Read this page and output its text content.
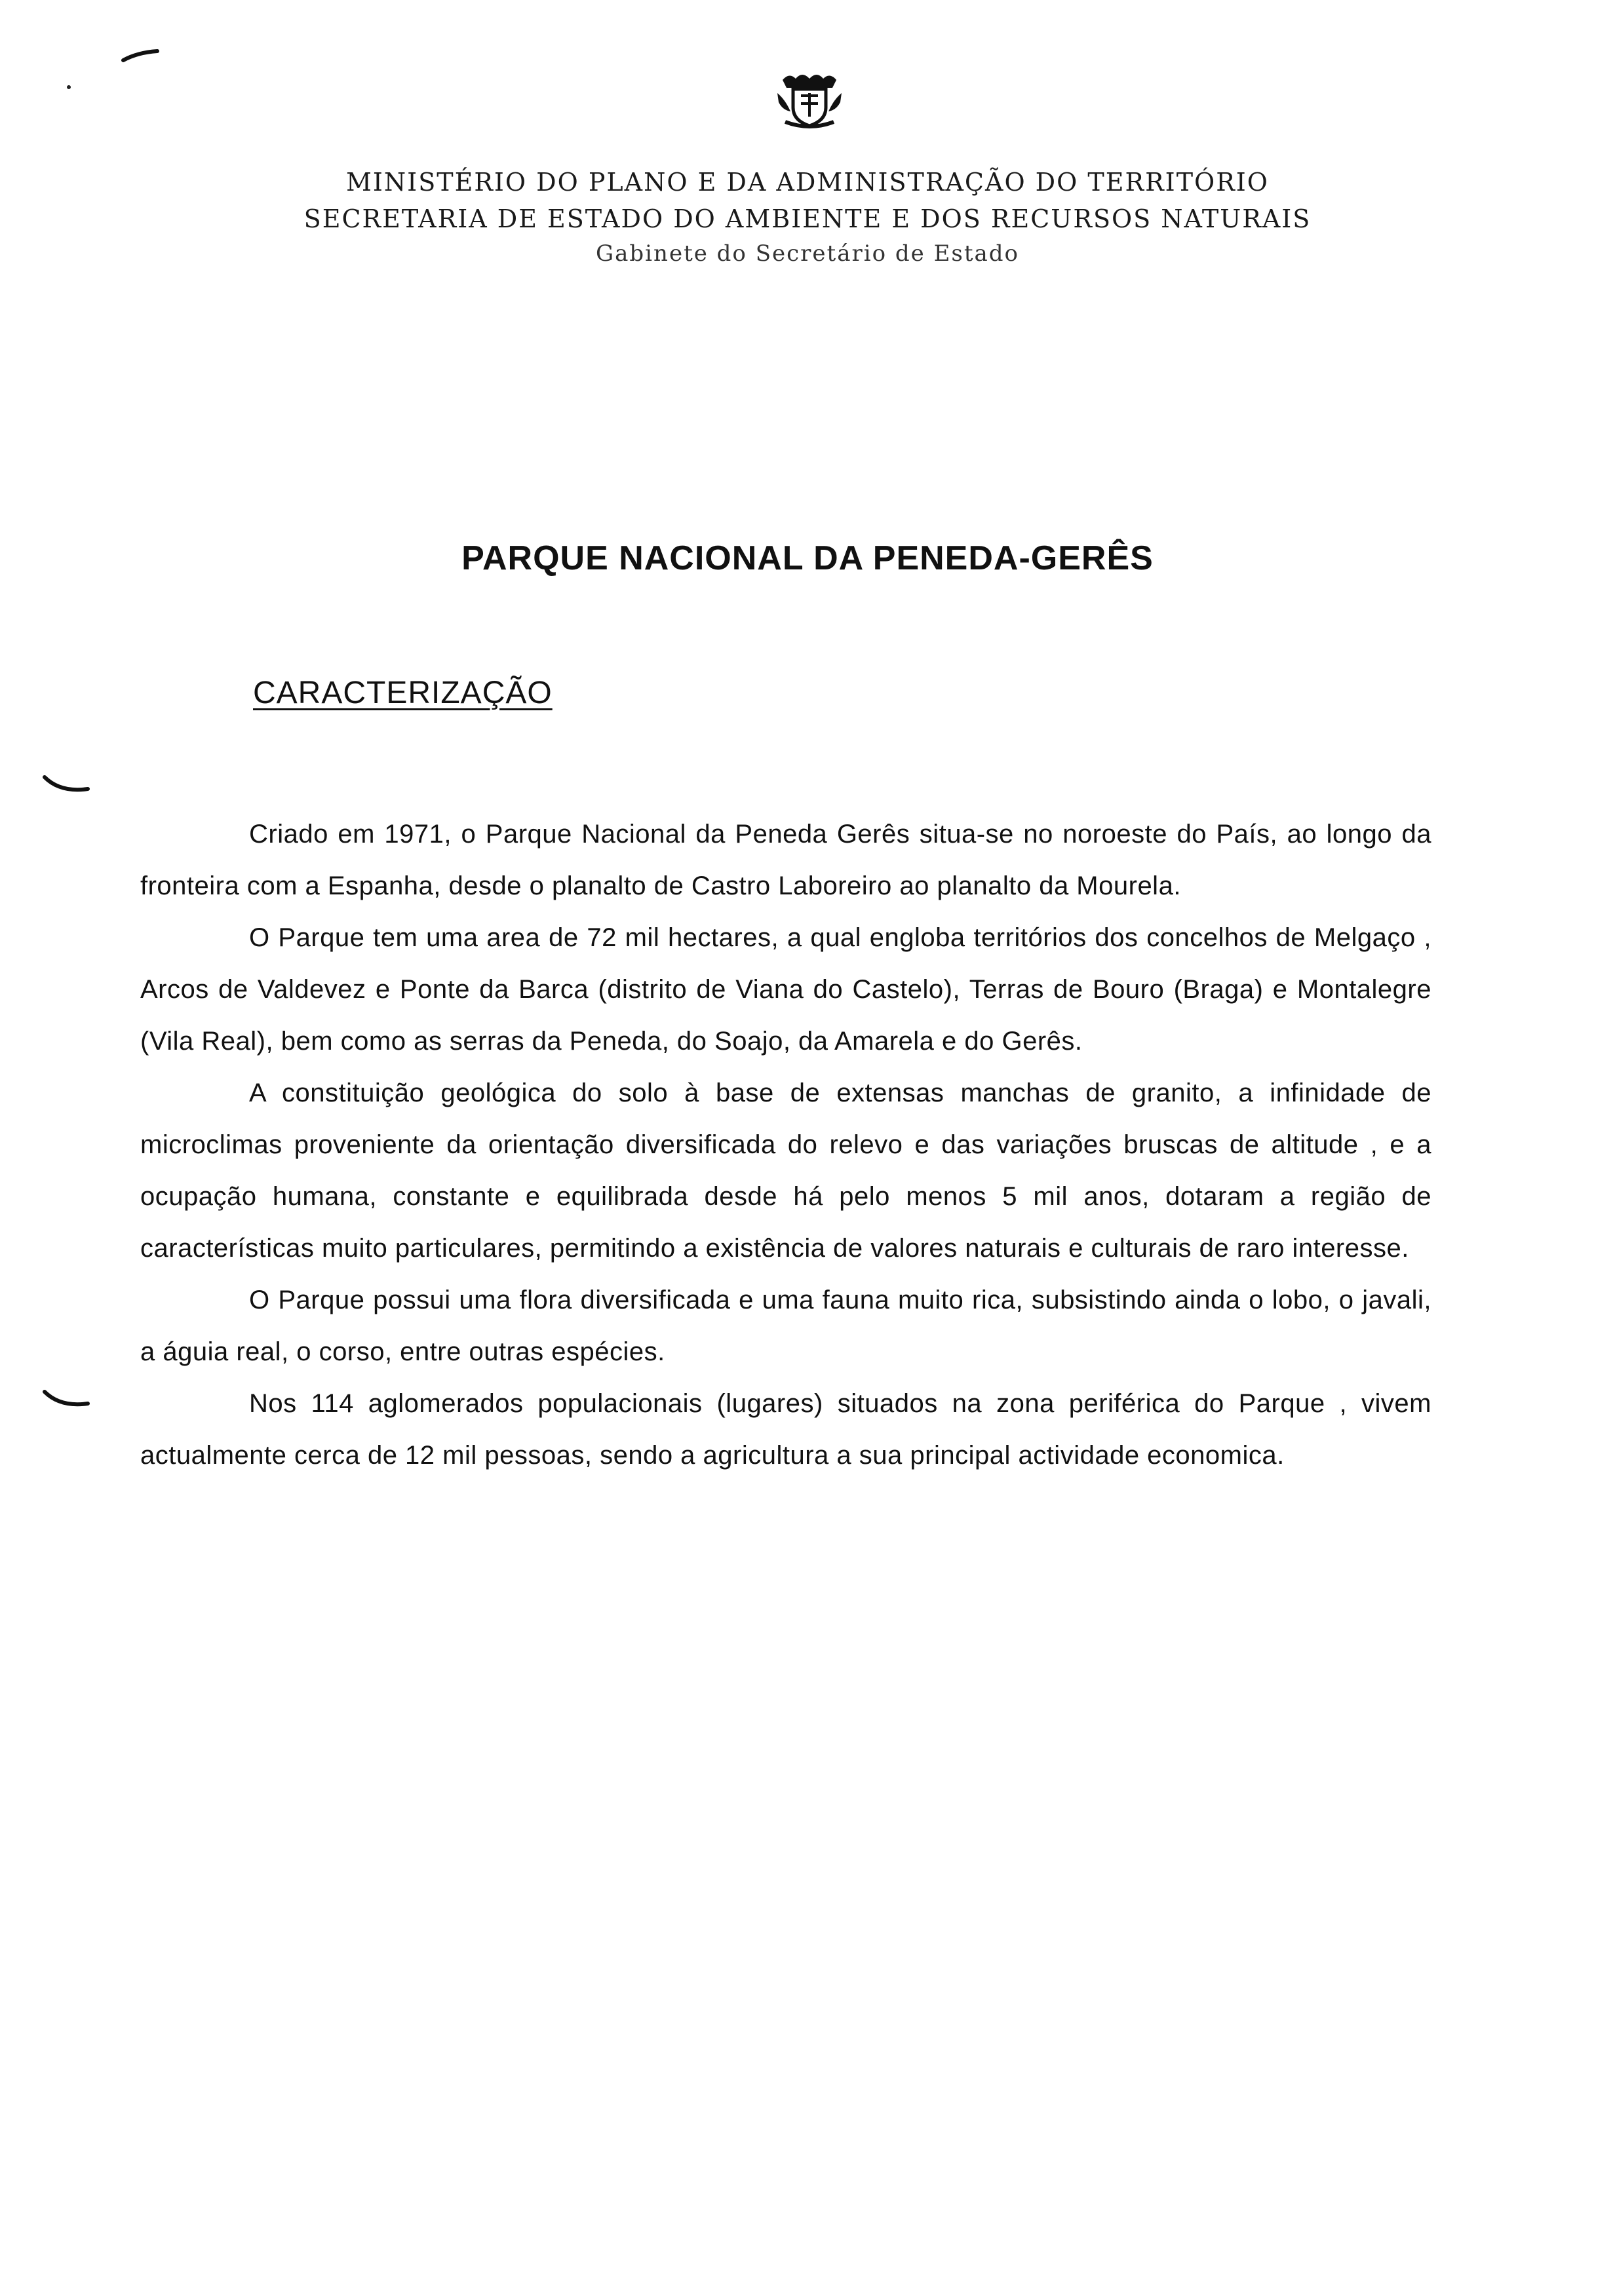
MINISTÉRIO DO PLANO E DA ADMINISTRAÇÃO DO TERRITÓRIO
SECRETARIA DE ESTADO DO AMBIENTE E DOS RECURSOS NATURAIS
Gabinete do Secretário de Estado
PARQUE NACIONAL DA PENEDA-GERÊS
CARACTERIZAÇÃO

Criado em 1971, o Parque Nacional da Peneda Gerês situa-se no noroeste do País, ao longo da fronteira com a Espanha, desde o planalto de Castro Laboreiro ao planalto da Mourela.

O Parque tem uma area de 72 mil hectares, a qual engloba territórios dos concelhos de Melgaço , Arcos de Valdevez e Ponte da Barca (distrito de Viana do Castelo), Terras de Bouro (Braga) e Montalegre (Vila Real), bem como as serras da Peneda, do Soajo, da Amarela e do Gerês.

A constituição geológica do solo à base de extensas manchas de granito, a infinidade de microclimas proveniente da orientação diversificada do relevo e das variações bruscas de altitude , e a ocupação humana, constante e equilibrada desde há pelo menos 5 mil anos, dotaram a região de características muito particulares, permitindo a existência de valores naturais e culturais de raro interesse.

O Parque possui uma flora diversificada e uma fauna muito rica, subsistindo ainda o lobo, o javali, a águia real, o corso, entre outras espécies.

Nos 114 aglomerados populacionais (lugares) situados na zona periférica do Parque , vivem actualmente cerca de 12 mil pessoas, sendo a agricultura a sua principal actividade economica.
